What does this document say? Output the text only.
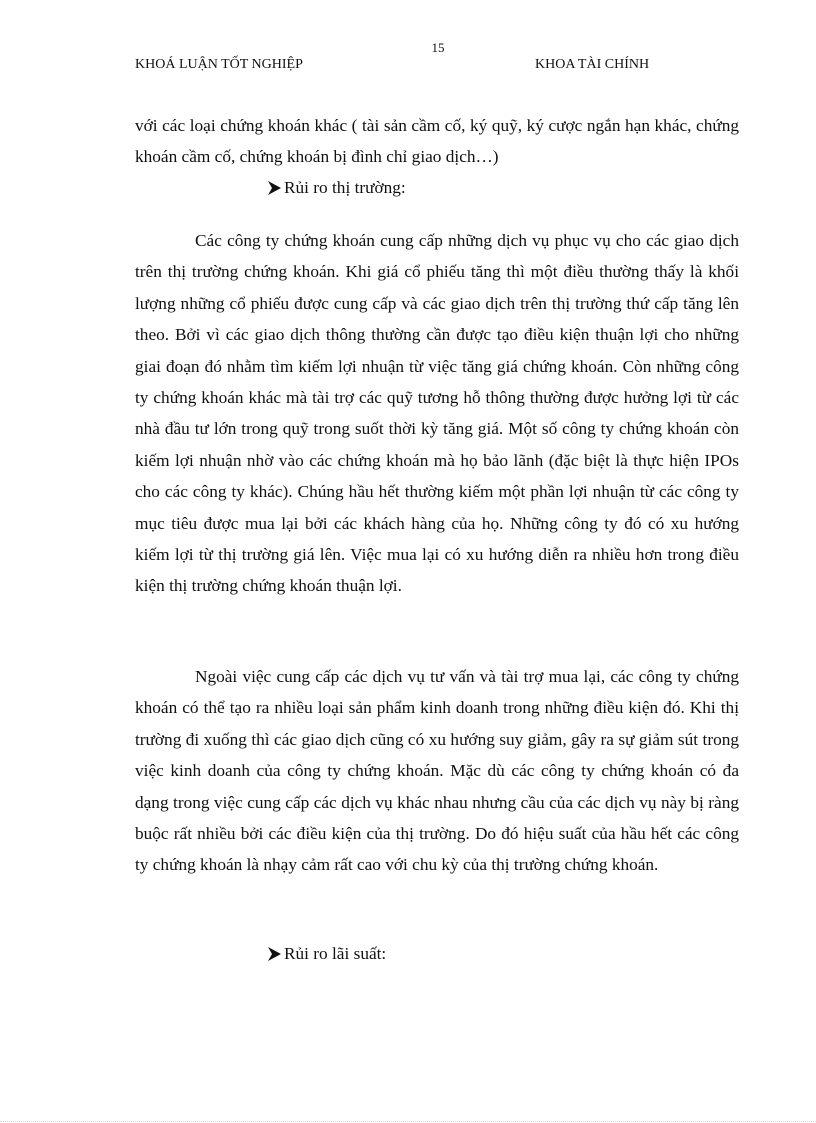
15
KHOÁ LUẬN TỐT NGHIỆP	KHOA TÀI CHÍNH
với các loại chứng khoán khác ( tài sản cầm cố, ký quỹ, ký cược ngắn hạn khác, chứng khoán cầm cố, chứng khoán bị đình chỉ giao dịch…)
Rủi ro thị trường:
Các công ty chứng khoán cung cấp những dịch vụ phục vụ cho các giao dịch trên thị trường chứng khoán. Khi giá cổ phiếu tăng thì một điều thường thấy là khối lượng những cổ phiếu được cung cấp và các giao dịch trên thị trường thứ cấp tăng lên theo. Bởi vì các giao dịch thông thường cần được tạo điều kiện thuận lợi cho những giai đoạn đó nhằm tìm kiếm lợi nhuận từ việc tăng giá chứng khoán. Còn những công ty chứng khoán khác mà tài trợ các quỹ tương hỗ thông thường được hưởng lợi từ các nhà đầu tư lớn trong quỹ trong suốt thời kỳ tăng giá. Một số công ty chứng khoán còn kiếm lợi nhuận nhờ vào các chứng khoán mà họ bảo lãnh (đặc biệt là thực hiện IPOs cho các công ty khác). Chúng hầu hết thường kiếm một phần lợi nhuận từ các công ty mục tiêu được mua lại bởi các khách hàng của họ. Những công ty đó có xu hướng kiếm lợi từ thị trường giá lên. Việc mua lại có xu hướng diễn ra nhiều hơn trong điều kiện thị trường chứng khoán thuận lợi.
Ngoài việc cung cấp các dịch vụ tư vấn và tài trợ mua lại, các công ty chứng khoán có thể tạo ra nhiều loại sản phẩm kinh doanh trong những điều kiện đó. Khi thị trường đi xuống thì các giao dịch cũng có xu hướng suy giảm, gây ra sự giảm sút trong việc kinh doanh của công ty chứng khoán. Mặc dù các công ty chứng khoán có đa dạng trong việc cung cấp các dịch vụ khác nhau nhưng cầu của các dịch vụ này bị ràng buộc rất nhiều bởi các điều kiện của thị trường. Do đó hiệu suất của hầu hết các công ty chứng khoán là nhạy cảm rất cao với chu kỳ của thị trường chứng khoán.
Rủi ro lãi suất:
